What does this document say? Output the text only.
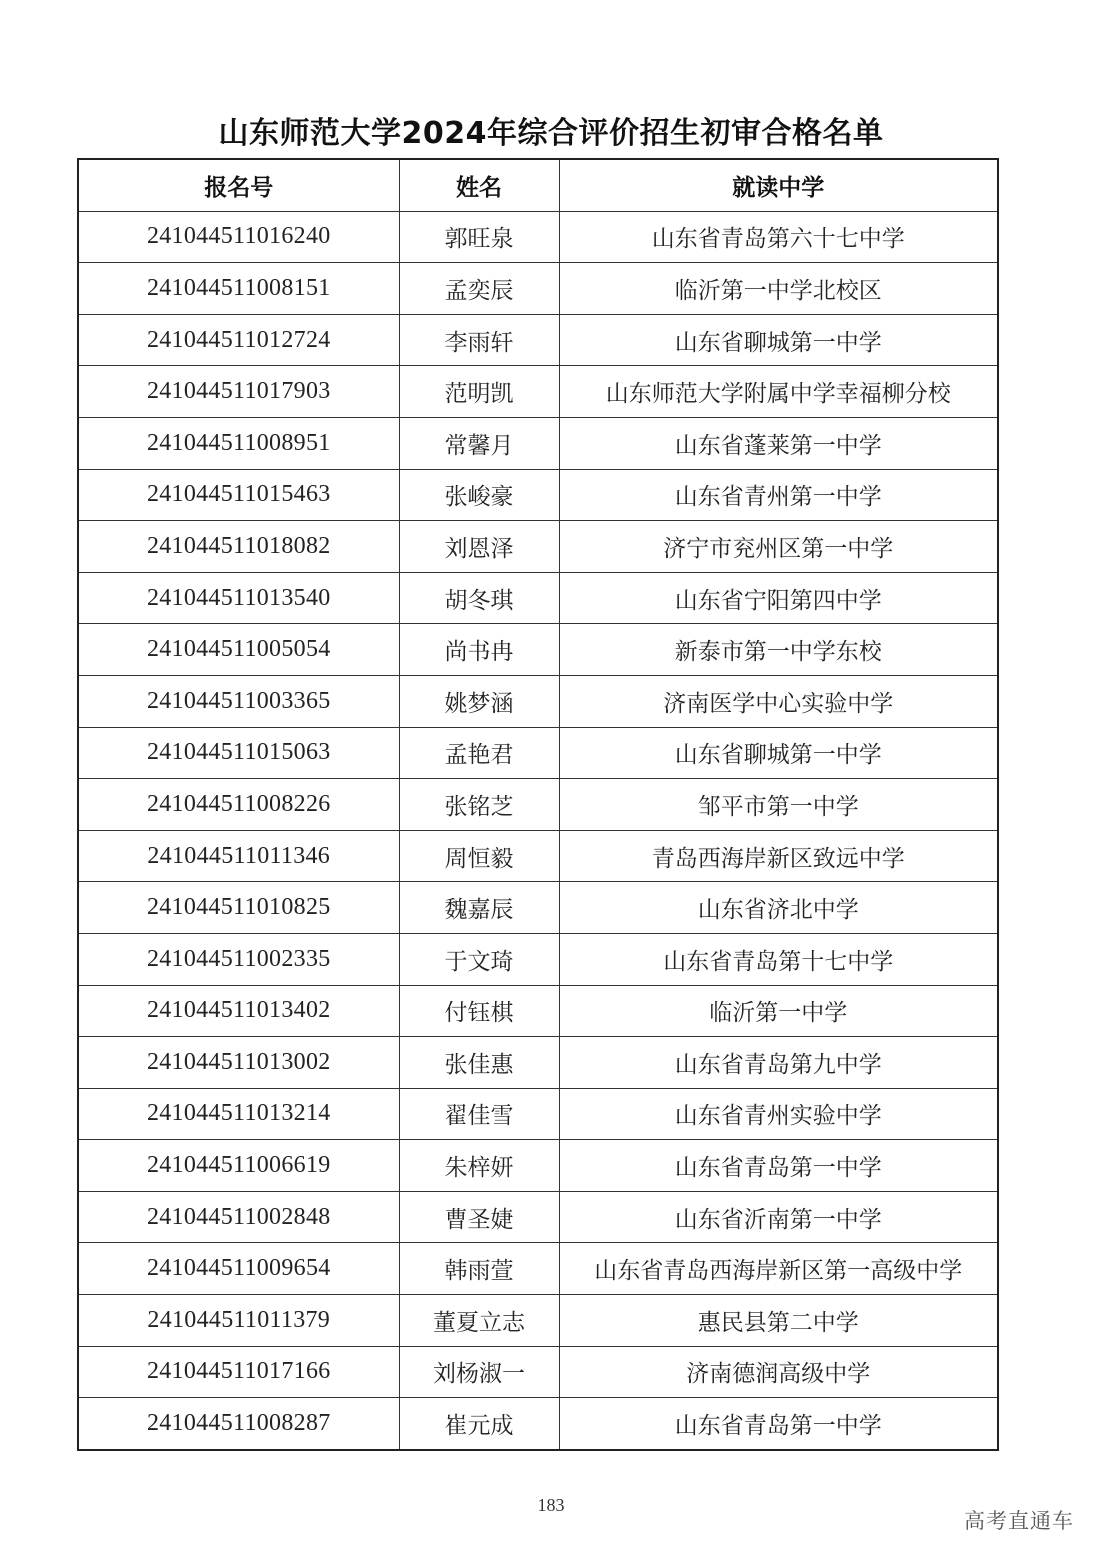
山东师范大学2024年综合评价招生初审合格名单
报名号	姓名	就读中学
241044511016240	郭旺泉	山东省青岛第六十七中学
241044511008151	孟奕辰	临沂第一中学北校区
241044511012724	李雨轩	山东省聊城第一中学
241044511017903	范明凯	山东师范大学附属中学幸福柳分校
241044511008951	常馨月	山东省蓬莱第一中学
241044511015463	张峻豪	山东省青州第一中学
241044511018082	刘恩泽	济宁市兖州区第一中学
241044511013540	胡冬琪	山东省宁阳第四中学
241044511005054	尚书冉	新泰市第一中学东校
241044511003365	姚梦涵	济南医学中心实验中学
241044511015063	孟艳君	山东省聊城第一中学
241044511008226	张铭芝	邹平市第一中学
241044511011346	周恒毅	青岛西海岸新区致远中学
241044511010825	魏嘉辰	山东省济北中学
241044511002335	于文琦	山东省青岛第十七中学
241044511013402	付钰棋	临沂第一中学
241044511013002	张佳惠	山东省青岛第九中学
241044511013214	翟佳雪	山东省青州实验中学
241044511006619	朱梓妍	山东省青岛第一中学
241044511002848	曹圣婕	山东省沂南第一中学
241044511009654	韩雨萱	山东省青岛西海岸新区第一高级中学
241044511011379	董夏立志	惠民县第二中学
241044511017166	刘杨淑一	济南德润高级中学
241044511008287	崔元成	山东省青岛第一中学
183
高考直通车
